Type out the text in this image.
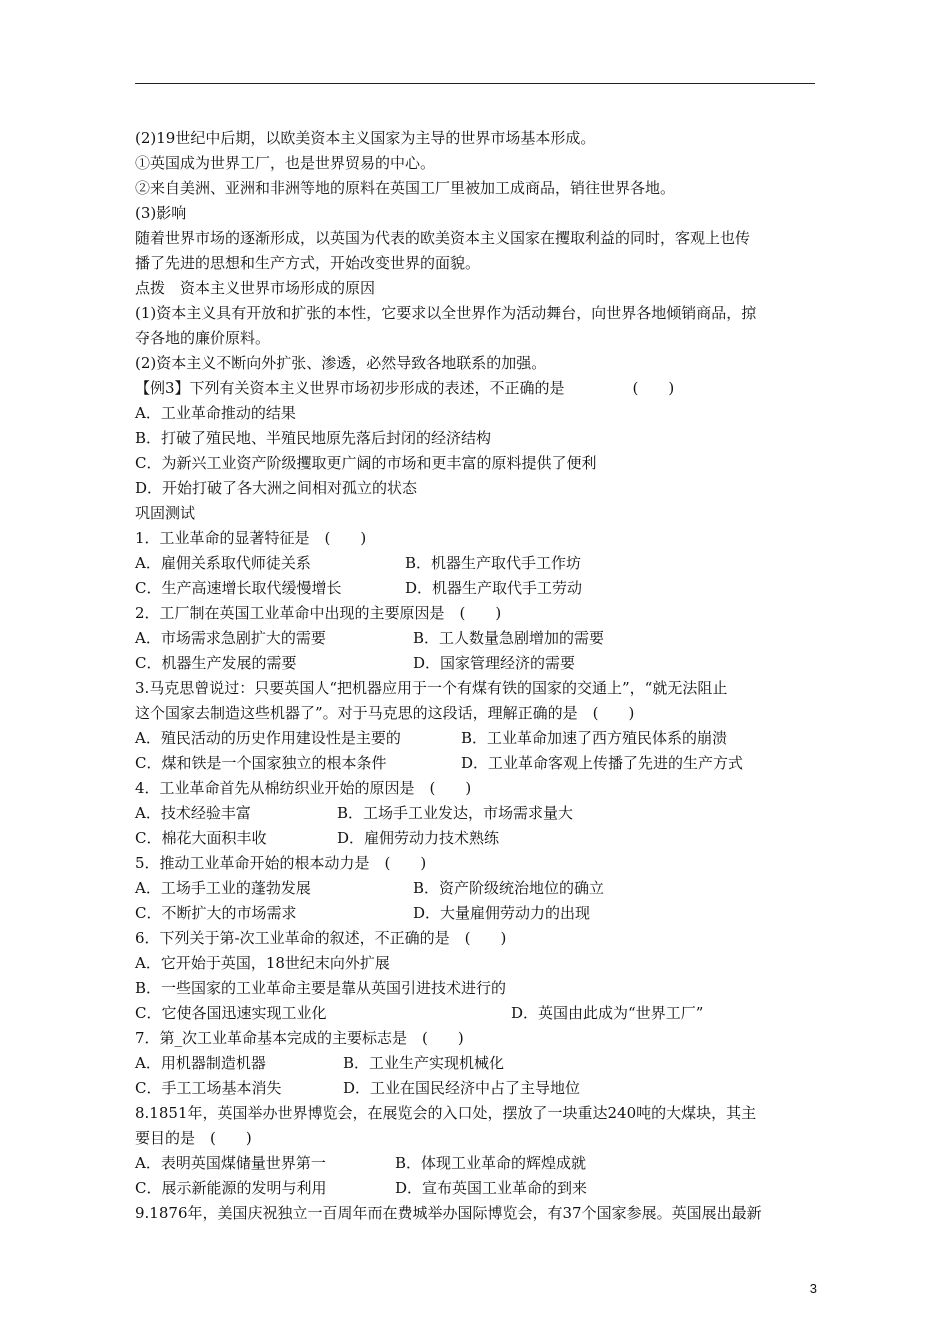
(2)19世纪中后期，以欧美资本主义国家为主导的世界市场基本形成。
①英国成为世界工厂，也是世界贸易的中心。
②来自美洲、亚洲和非洲等地的原料在英国工厂里被加工成商品，销往世界各地。
(3)影响
随着世界市场的逐渐形成，以英国为代表的欧美资本主义国家在攫取利益的同时，客观上也传
播了先进的思想和生产方式，开始改变世界的面貌。
点拨　资本主义世界市场形成的原因
(1)资本主义具有开放和扩张的本性，它要求以全世界作为活动舞台，向世界各地倾销商品，掠
夺各地的廉价原料。
(2)资本主义不断向外扩张、渗透，必然导致各地联系的加强。
【例3】下列有关资本主义世界市场初步形成的表述，不正确的是	(　　)
A．工业革命推动的结果
B．打破了殖民地、半殖民地原先落后封闭的经济结构
C．为新兴工业资产阶级攫取更广阔的市场和更丰富的原料提供了便利
D．开始打破了各大洲之间相对孤立的状态
巩固测试
1．工业革命的显著特征是　(　　)
A．雇佣关系取代师徒关系	B．机器生产取代手工作坊
C．生产高速增长取代缓慢增长	D．机器生产取代手工劳动
2．工厂制在英国工业革命中出现的主要原因是　(　　)
A．市场需求急剧扩大的需要	B．工人数量急剧增加的需要
C．机器生产发展的需要	D．国家管理经济的需要
3.马克思曾说过：只要英国人“把机器应用于一个有煤有铁的国家的交通上”，“就无法阻止
这个国家去制造这些机器了”。对于马克思的这段话，理解正确的是　(　　)
A．殖民活动的历史作用建设性是主要的	B．工业革命加速了西方殖民体系的崩溃
C．煤和铁是一个国家独立的根本条件	D．工业革命客观上传播了先进的生产方式
4．工业革命首先从棉纺织业开始的原因是　(　　)
A．技术经验丰富	B．工场手工业发达，市场需求量大
C．棉花大面积丰收	D．雇佣劳动力技术熟练
5．推动工业革命开始的根本动力是　(　　)
A．工场手工业的蓬勃发展	B．资产阶级统治地位的确立
C．不断扩大的市场需求	D．大量雇佣劳动力的出现
6．下列关于第-次工业革命的叙述，不正确的是　(　　)
A．它开始于英国，18世纪末向外扩展
B．一些国家的工业革命主要是靠从英国引进技术进行的
C．它使各国迅速实现工业化	D．英国由此成为“世界工厂”
7．第_次工业革命基本完成的主要标志是　(　　)
A．用机器制造机器	B．工业生产实现机械化
C．手工工场基本消失	D．工业在国民经济中占了主导地位
8.1851年，英国举办世界博览会，在展览会的入口处，摆放了一块重达240吨的大煤块，其主
要目的是　(　　)
A．表明英国煤储量世界第一	B．体现工业革命的辉煌成就
C．展示新能源的发明与利用	D．宣布英国工业革命的到来
9.1876年，美国庆祝独立一百周年而在费城举办国际博览会，有37个国家参展。英国展出最新
3
